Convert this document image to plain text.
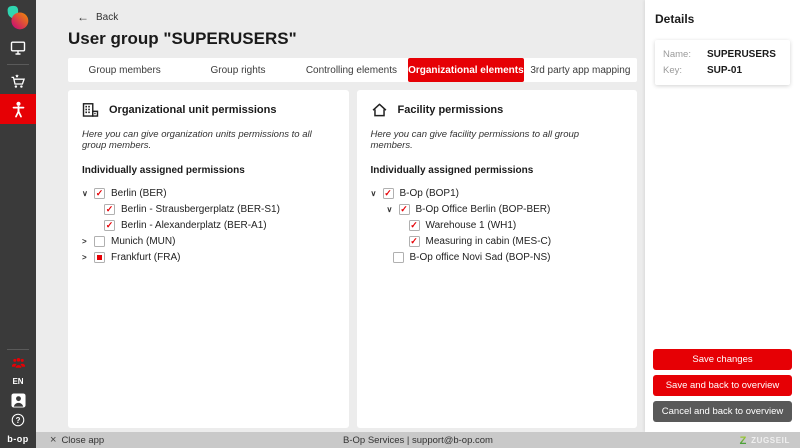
EN
?
b-op
← Back
User group "SUPERUSERS"
Group members	Group rights	Controlling elements	Organizational elements 3rd party app mapping
Organizational unit permissions
Here you can give organization units permissions to all group members.
Individually assigned permissions
∨ ✓ Berlin (BER)
✓ Berlin - Strausbergerplatz (BER-S1)
✓ Berlin - Alexanderplatz (BER-A1)
>	Munich (MUN)
>	Frankfurt (FRA)
Facility permissions
Here you can give facility permissions to all group members.
Individually assigned permissions
∨ ✓ B-Op (BOP1)
∨ ✓ B-Op Office Berlin (BOP-BER)
✓ Warehouse 1 (WH1)
✓ Measuring in cabin (MES-C)
B-Op office Novi Sad (BOP-NS)
Details
Name:	SUPERUSERS
Key:	SUP-01
Save changes
Save and back to overview
Cancel and back to overview
× Close app	B-Op Services | support@b-op.com	Z ZUGSEIL
